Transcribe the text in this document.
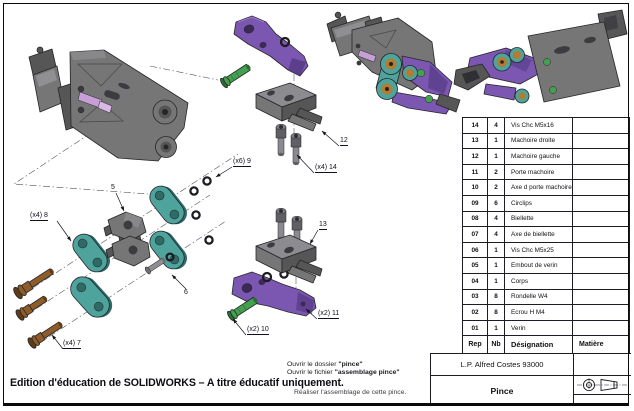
5
6
(x4) 7
(x4) 8
(x6) 9
(x2) 10
(x2) 11
12
13
(x4) 14
14	4	Vis Chc M5x16
13	1	Machoire droite
12	1	Machoire gauche
11	2	Porte machoire
10	2	Axe d porte machoire
09	6	Circlips
08	4	Biellette
07	4	Axe de biellette
06	1	Vis Chc M5x25
05	1	Embout de verin
04	1	Corps
03	8	Rondelle W4
02	8	Ecrou H M4
01	1	Verin
Rep	Nb	Désignation	Matière
L.P. Alfred Costes 93000
Pince
Edition d'éducation de SOLIDWORKS – A titre éducatif uniquement.
Ouvrir le dossier "pince"
Ouvrir le fichier "assemblage pince"
Réaliser l'assemblage de cette pince.
